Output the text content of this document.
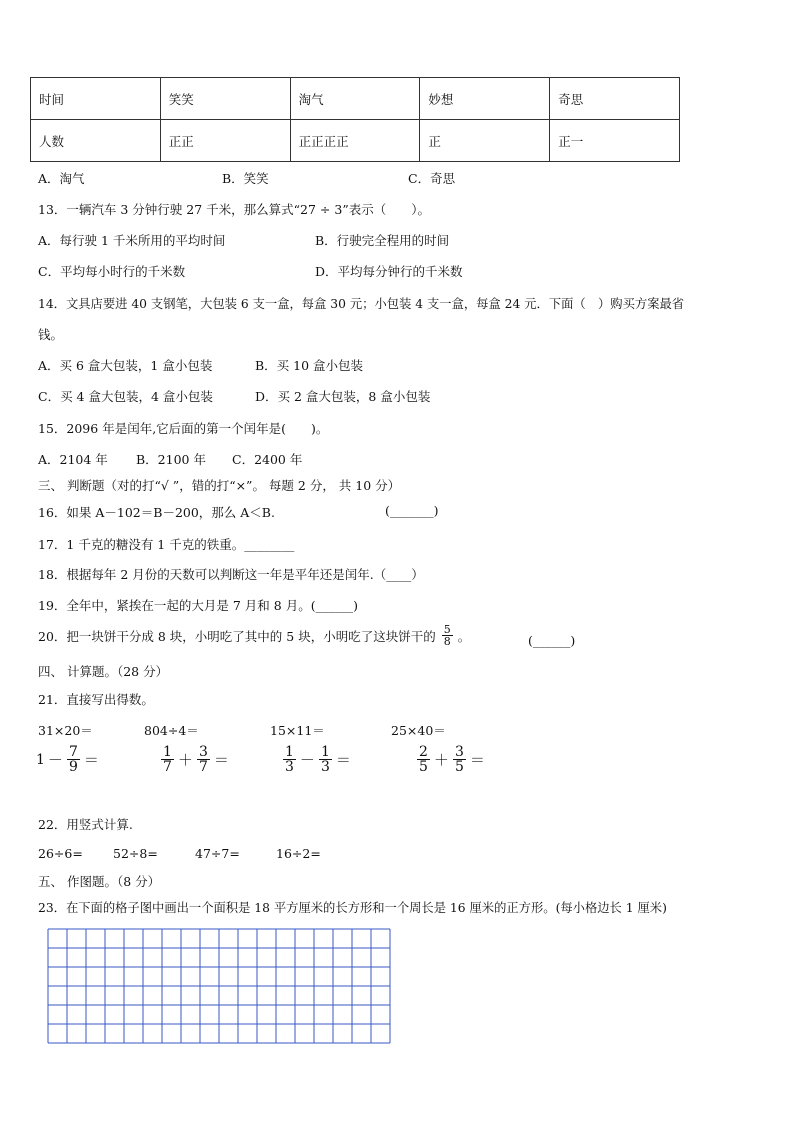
时间	笑笑	淘气	妙想	奇思
人数	正正	正正正正	正	正一
A．淘气	B．笑笑	C．奇思
13．一辆汽车 3 分钟行驶 27 千米，那么算式“27 ÷ 3”表示（　　）。
A．每行驶 1 千米所用的平均时间	B．行驶完全程用的时间
C．平均每小时行的千米数	D．平均每分钟行的千米数
14．文具店要进 40 支钢笔，大包装 6 支一盒，每盒 30 元；小包装 4 支一盒，每盒 24 元．下面（　）购买方案最省
钱。
A．买 6 盒大包装，1 盒小包装	B．买 10 盒小包装
C．买 4 盒大包装，4 盒小包装	D．买 2 盒大包装，8 盒小包装
15．2096 年是闰年,它后面的第一个闰年是(　　)。
A．2104 年 B．2100 年 C．2400 年
三、 判断题（对的打“√ ”，错的打“×”。 每题 2 分， 共 10 分）
16．如果 A－102＝B－200，那么 A＜B.	(_______)
17．1 千克的糖没有 1 千克的铁重。________
18．根据每年 2 月份的天数可以判断这一年是平年还是闰年.（____）
19．全年中，紧挨在一起的大月是 7 月和 8 月。(______)
20．把一块饼干分成 8 块，小明吃了其中的 5 块，小明吃了这块饼干的 $\frac{5}{8}$ 。	(______)
四、 计算题。（28 分）
21．直接写出得数。
31×20＝	804÷4＝	15×11＝	25×40＝
$1 - \frac{7}{9}$ ＝	$\frac{1}{7} + \frac{3}{7}$ ＝	$\frac{1}{3} - \frac{1}{3}$ ＝	$\frac{2}{5} + \frac{3}{5}$ ＝
22．用竖式计算.
26÷6= 52÷8=	47÷7=	16÷2=
五、 作图题。（8 分）
23．在下面的格子图中画出一个面积是 18 平方厘米的长方形和一个周长是 16 厘米的正方形。(每小格边长 1 厘米)
